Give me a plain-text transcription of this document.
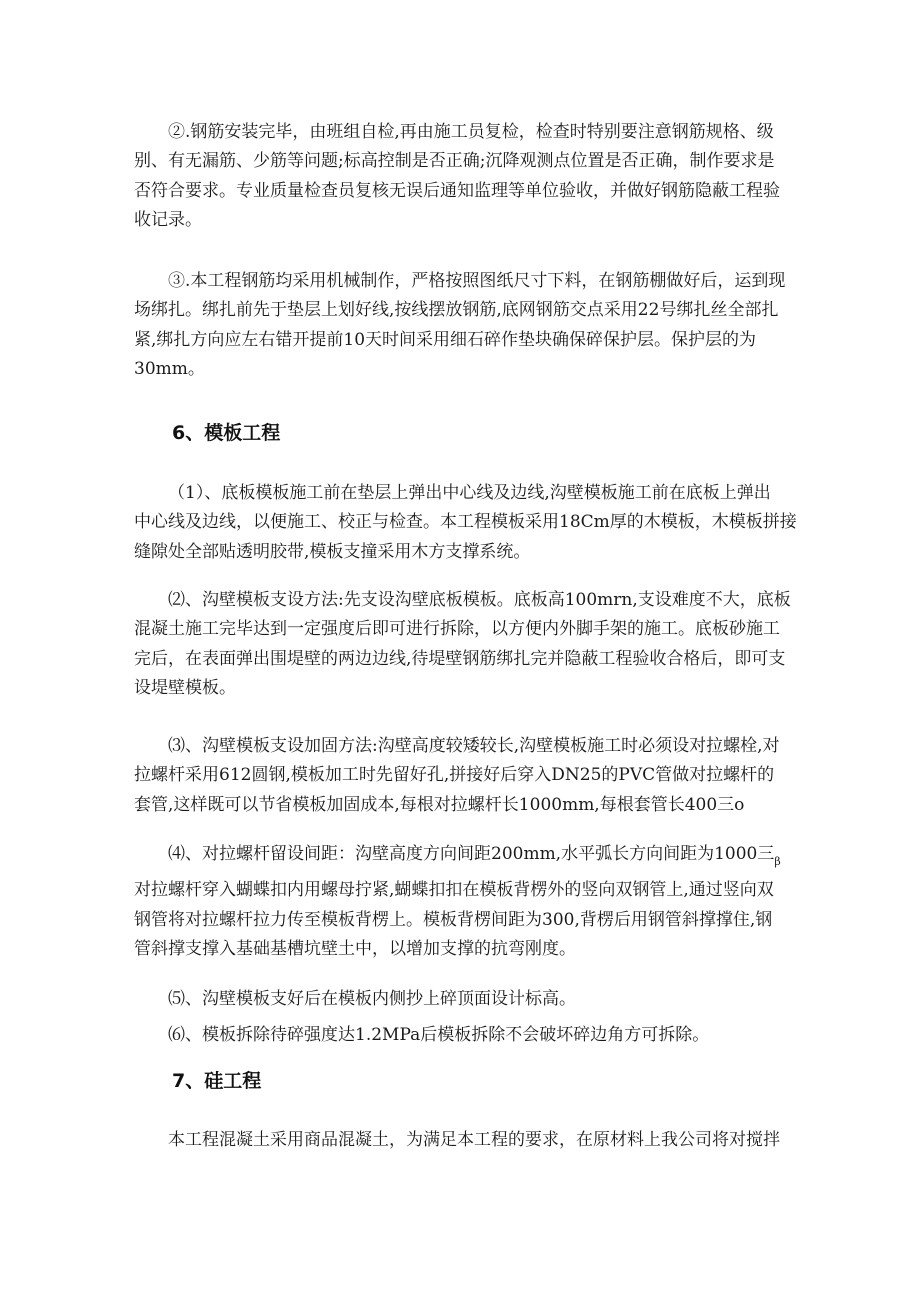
②.钢筋安装完毕，由班组自检,再由施工员复检，检查时特别要注意钢筋规格、级
别、有无漏筋、少筋等问题;标高控制是否正确;沉降观测点位置是否正确，制作要求是
否符合要求。专业质量检查员复核无误后通知监理等单位验收，并做好钢筋隐蔽工程验
收记录。
③.本工程钢筋均采用机械制作，严格按照图纸尺寸下料，在钢筋棚做好后，运到现
场绑扎。绑扎前先于垫层上划好线,按线摆放钢筋,底网钢筋交点采用22号绑扎丝全部扎
紧,绑扎方向应左右错开提前10天时间采用细石碎作垫块确保碎保护层。保护层的为
30mm。
6、模板工程
（1）、底板模板施工前在垫层上弹出中心线及边线,沟壁模板施工前在底板上弹出
中心线及边线，以便施工、校正与检查。本工程模板采用18Cm厚的木模板，木模板拼接
缝隙处全部贴透明胶带,模板支撞采用木方支撑系统。
⑵、沟壁模板支设方法:先支设沟壁底板模板。底板高100mrn,支设难度不大，底板
混凝土施工完毕达到一定强度后即可进行拆除，以方便内外脚手架的施工。底板砂施工
完后，在表面弹出围堤壁的两边边线,待堤壁钢筋绑扎完并隐蔽工程验收合格后，即可支
设堤壁模板。
⑶、沟壁模板支设加固方法:沟壁高度较矮较长,沟壁模板施工时必须设对拉螺栓,对
拉螺杆采用612圆钢,模板加工时先留好孔,拼接好后穿入DN25的PVC管做对拉螺杆的
套管,这样既可以节省模板加固成本,每根对拉螺杆长1000mm,每根套管长400三o
⑷、对拉螺杆留设间距：沟壁高度方向间距200mm,水平弧长方向间距为1000三$_\beta$
对拉螺杆穿入蝴蝶扣内用螺母拧紧,蝴蝶扣扣在模板背楞外的竖向双钢管上,通过竖向双
钢管将对拉螺杆拉力传至模板背楞上。模板背楞间距为300,背楞后用钢管斜撑撑住,钢
管斜撑支撑入基础基槽坑壁土中，以增加支撑的抗弯刚度。
⑸、沟壁模板支好后在模板内侧抄上碎顶面设计标高。
⑹、模板拆除待碎强度达1.2MPa后模板拆除不会破坏碎边角方可拆除。
7、硅工程
本工程混凝土采用商品混凝土，为满足本工程的要求，在原材料上我公司将对搅拌
